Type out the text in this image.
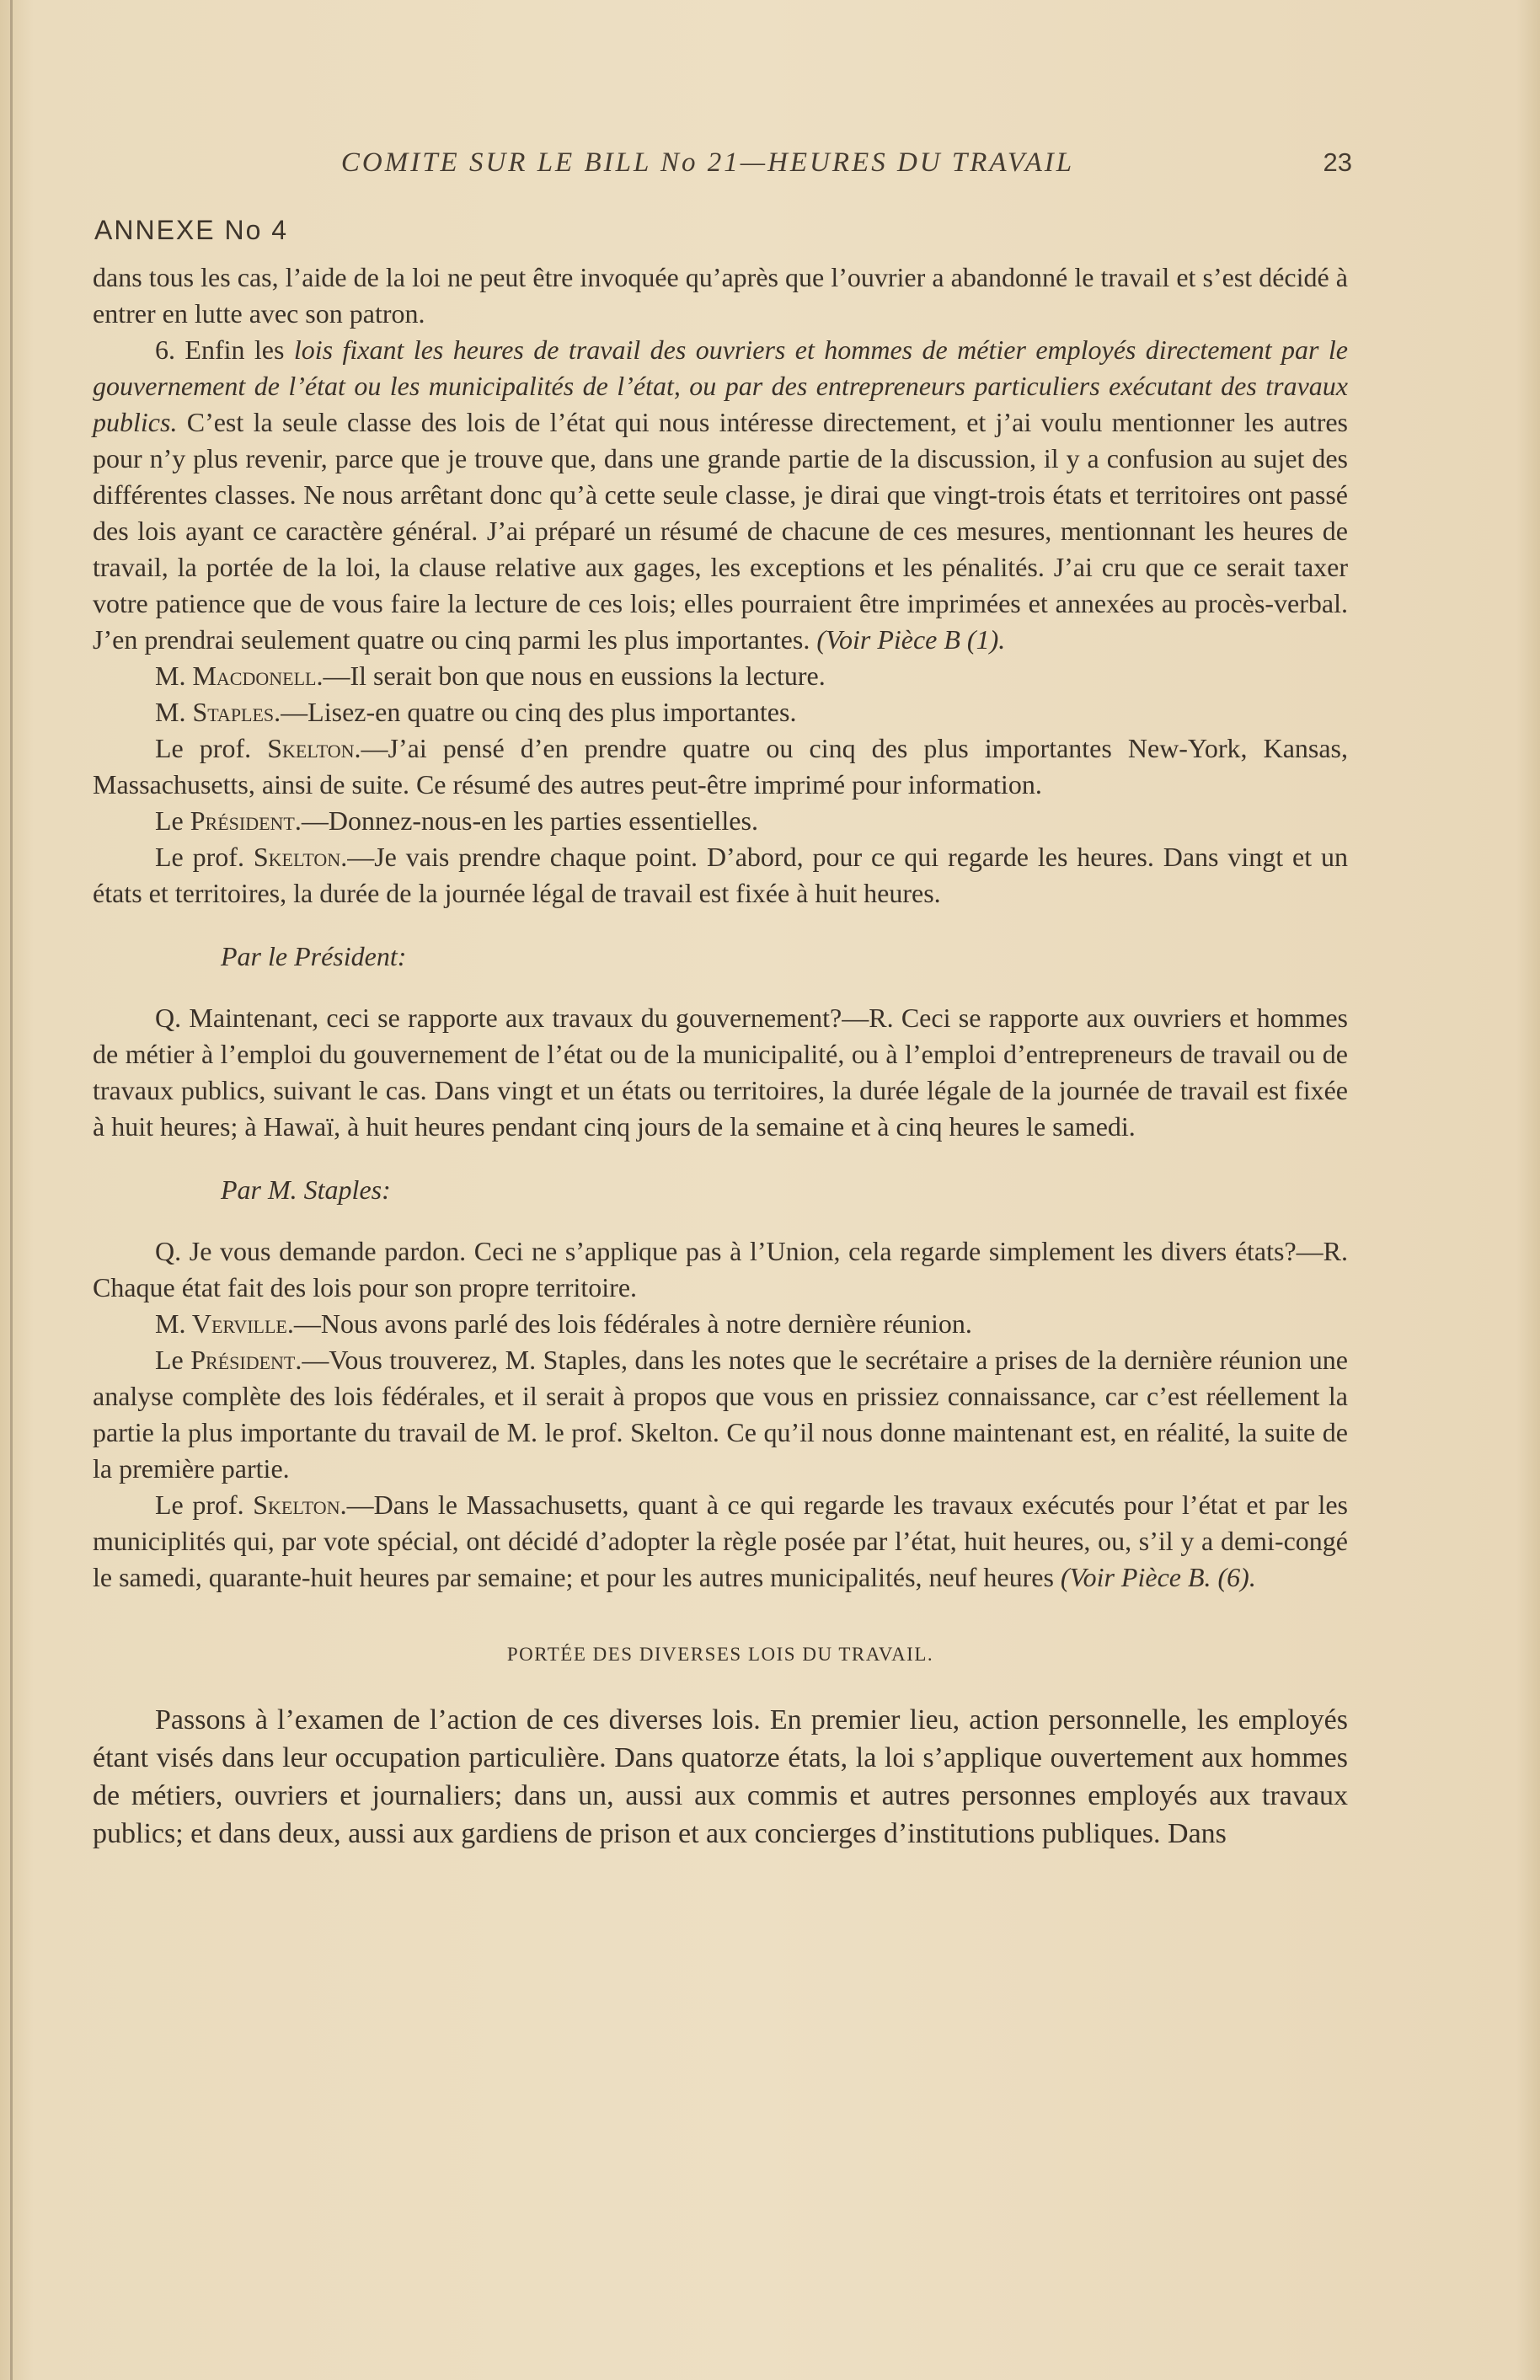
COMITE SUR LE BILL No 21—HEURES DU TRAVAIL	23
ANNEXE No 4

dans tous les cas, l’aide de la loi ne peut être invoquée qu’après que l’ouvrier a abandonné le travail et s’est décidé à entrer en lutte avec son patron.

6. Enfin les lois fixant les heures de travail des ouvriers et hommes de métier employés directement par le gouvernement de l’état ou les municipalités de l’état, ou par des entrepreneurs particuliers exécutant des travaux publics. C’est la seule classe des lois de l’état qui nous intéresse directement, et j’ai voulu mentionner les autres pour n’y plus revenir, parce que je trouve que, dans une grande partie de la discussion, il y a confusion au sujet des différentes classes. Ne nous arrêtant donc qu’à cette seule classe, je dirai que vingt-trois états et territoires ont passé des lois ayant ce caractère général. J’ai préparé un résumé de chacune de ces mesures, mentionnant les heures de travail, la portée de la loi, la clause relative aux gages, les exceptions et les pénalités. J’ai cru que ce serait taxer votre patience que de vous faire la lecture de ces lois; elles pourraient être imprimées et annexées au procès-verbal. J’en prendrai seulement quatre ou cinq parmi les plus importantes. (Voir Pièce B (1).

M. Macdonell.—Il serait bon que nous en eussions la lecture.

M. Staples.—Lisez-en quatre ou cinq des plus importantes.

Le prof. Skelton.—J’ai pensé d’en prendre quatre ou cinq des plus importantes New-York, Kansas, Massachusetts, ainsi de suite. Ce résumé des autres peut-être imprimé pour information.

Le Président.—Donnez-nous-en les parties essentielles.

Le prof. Skelton.—Je vais prendre chaque point. D’abord, pour ce qui regarde les heures. Dans vingt et un états et territoires, la durée de la journée légal de travail est fixée à huit heures.

Par le Président:

Q. Maintenant, ceci se rapporte aux travaux du gouvernement?—R. Ceci se rapporte aux ouvriers et hommes de métier à l’emploi du gouvernement de l’état ou de la municipalité, ou à l’emploi d’entrepreneurs de travail ou de travaux publics, suivant le cas. Dans vingt et un états ou territoires, la durée légale de la journée de travail est fixée à huit heures; à Hawaï, à huit heures pendant cinq jours de la semaine et à cinq heures le samedi.

Par M. Staples:

Q. Je vous demande pardon. Ceci ne s’applique pas à l’Union, cela regarde simplement les divers états?—R. Chaque état fait des lois pour son propre territoire.

M. Verville.—Nous avons parlé des lois fédérales à notre dernière réunion.

Le Président.—Vous trouverez, M. Staples, dans les notes que le secrétaire a prises de la dernière réunion une analyse complète des lois fédérales, et il serait à propos que vous en prissiez connaissance, car c’est réellement la partie la plus importante du travail de M. le prof. Skelton. Ce qu’il nous donne maintenant est, en réalité, la suite de la première partie.

Le prof. Skelton.—Dans le Massachusetts, quant à ce qui regarde les travaux exécutés pour l’état et par les municiplités qui, par vote spécial, ont décidé d’adopter la règle posée par l’état, huit heures, ou, s’il y a demi-congé le samedi, quarante-huit heures par semaine; et pour les autres municipalités, neuf heures (Voir Pièce B. (6).

PORTÉE DES DIVERSES LOIS DU TRAVAIL.

Passons à l’examen de l’action de ces diverses lois. En premier lieu, action personnelle, les employés étant visés dans leur occupation particulière. Dans quatorze états, la loi s’applique ouvertement aux hommes de métiers, ouvriers et journaliers; dans un, aussi aux commis et autres personnes employés aux travaux publics; et dans deux, aussi aux gardiens de prison et aux concierges d’institutions publiques. Dans
